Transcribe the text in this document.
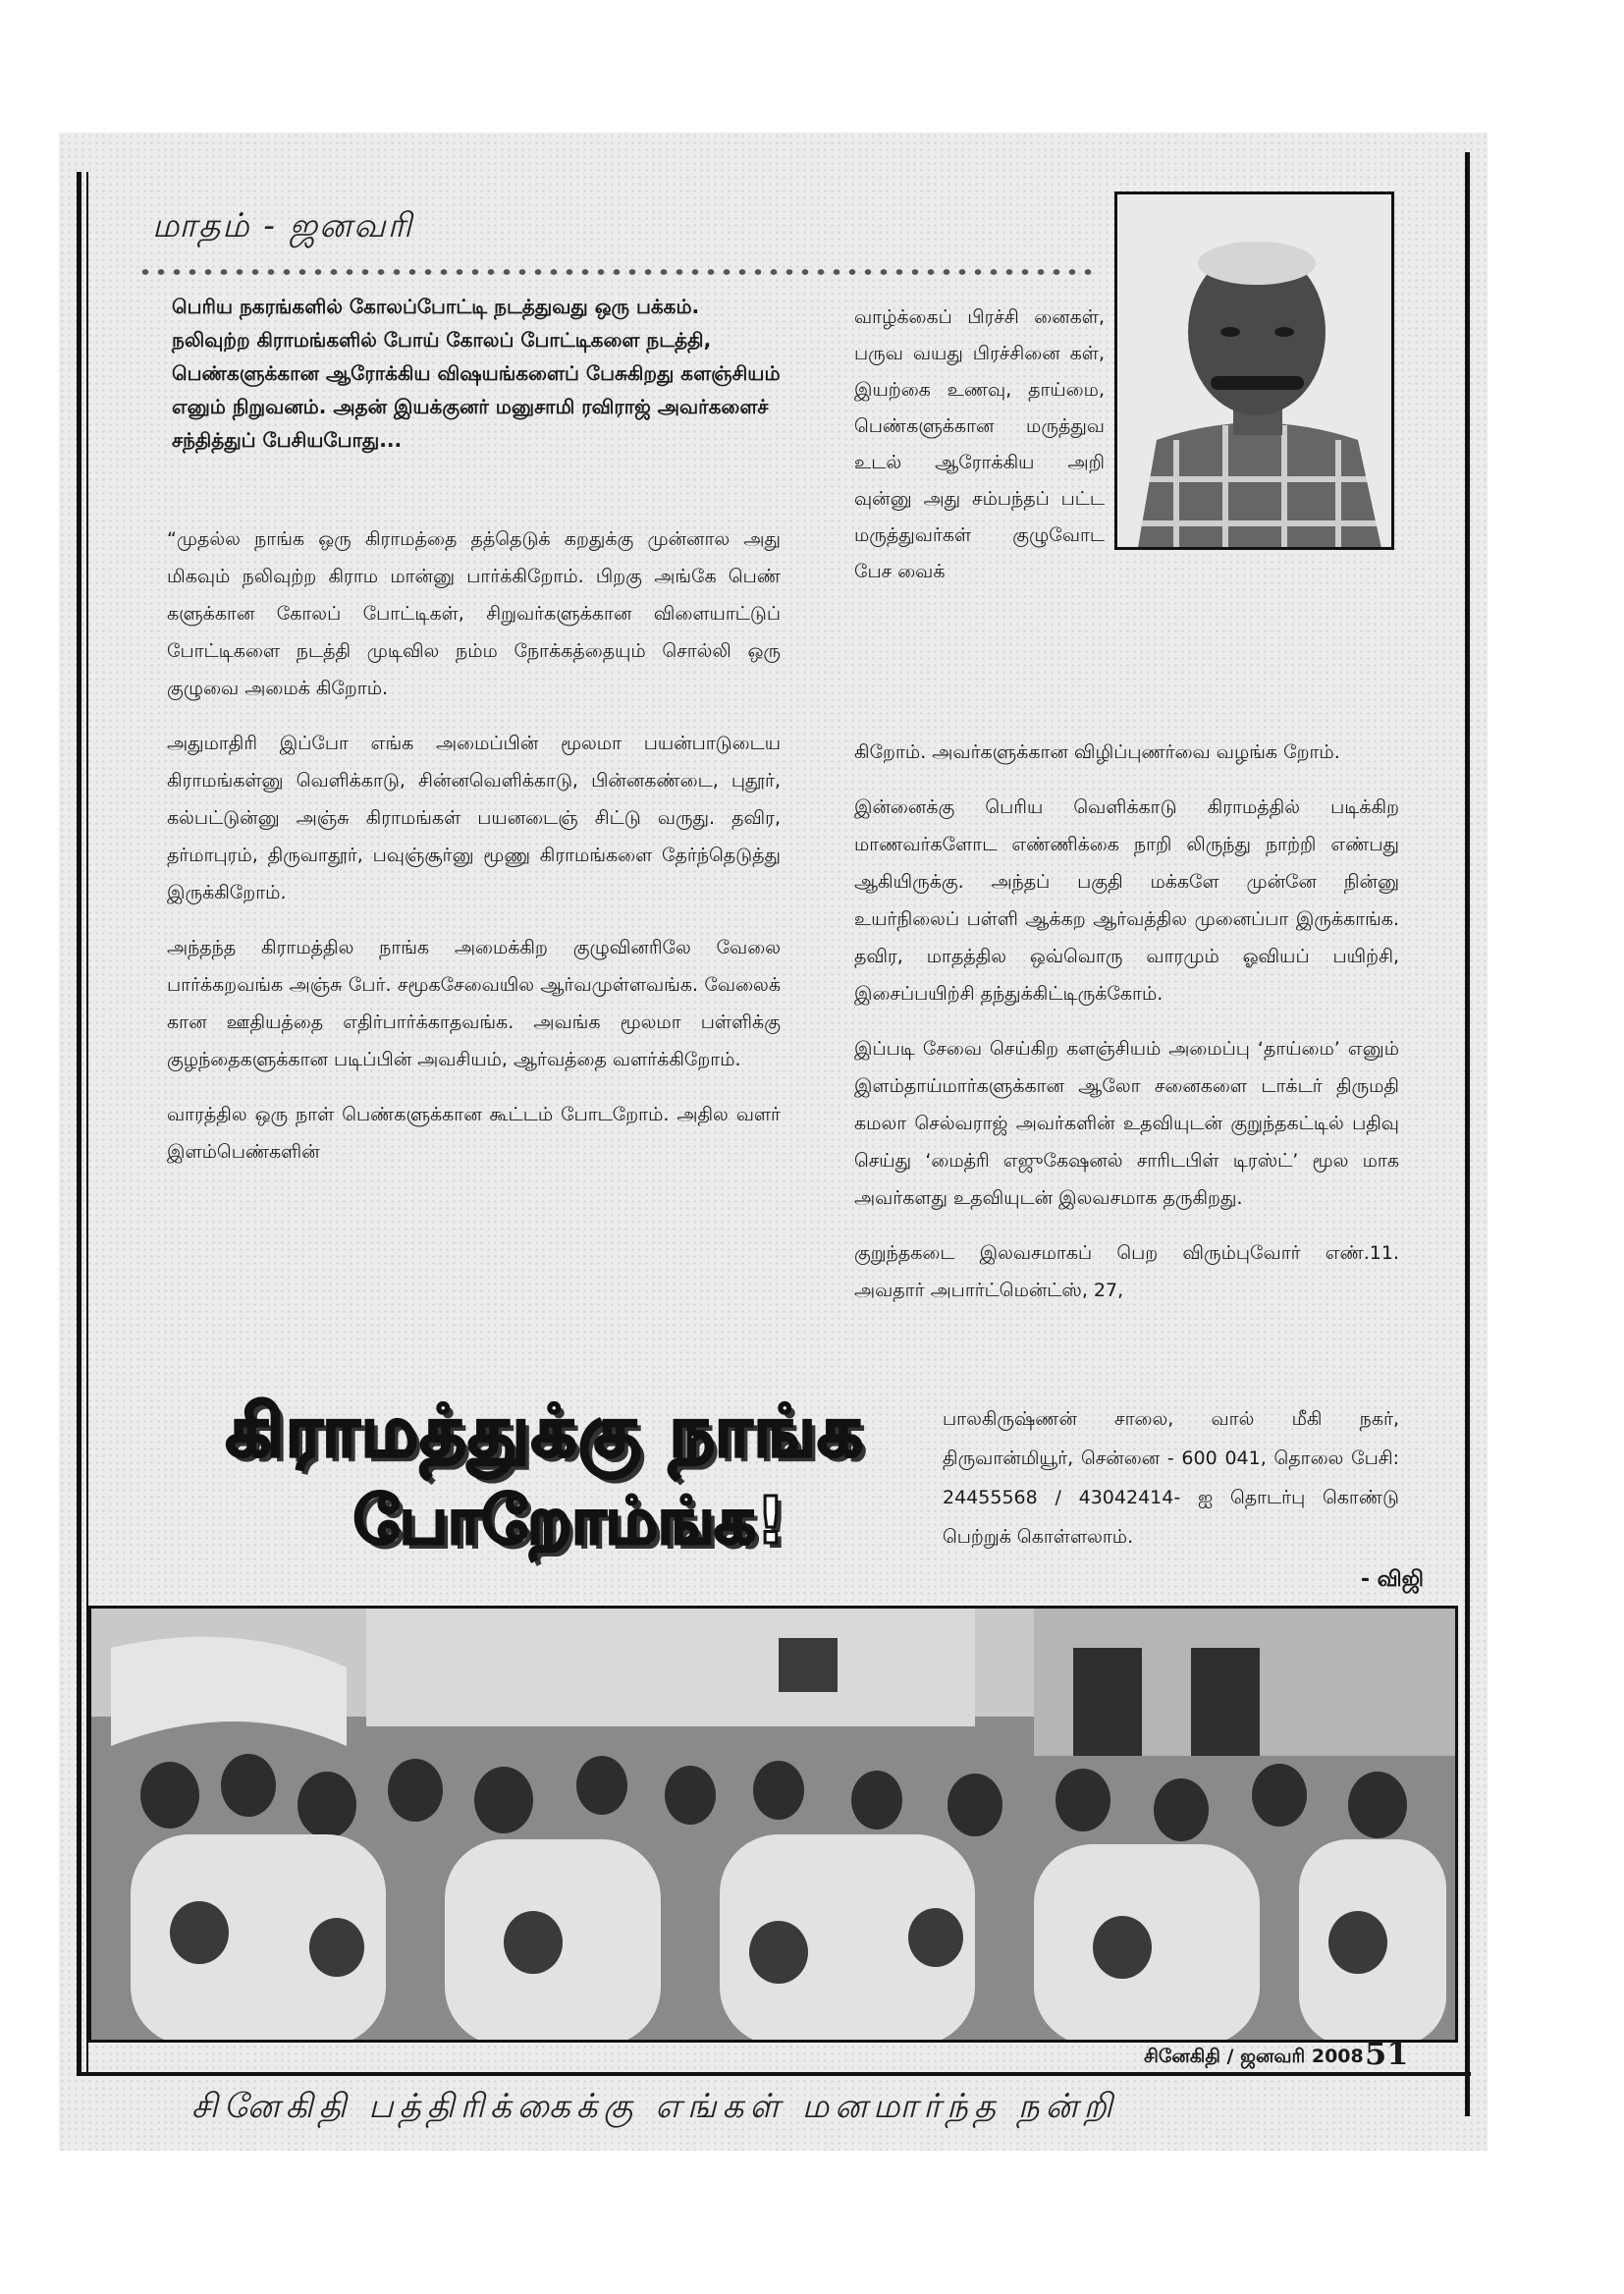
மாதம் - ஜனவரி
பெரிய நகரங்களில் கோலப்போட்டி நடத்துவது ஒரு பக்கம். நலிவுற்ற கிராமங்களில் போய் கோலப் போட்டிகளை நடத்தி, பெண்களுக்கான ஆரோக்கிய விஷயங்களைப் பேசுகிறது களஞ்சியம் எனும் நிறுவனம். அதன் இயக்குனர் மனுசாமி ரவிராஜ் அவர்களைச் சந்தித்துப் பேசியபோது...

“முதல்ல நாங்க ஒரு கிராமத்தை தத்தெடுக் கறதுக்கு முன்னால அது மிகவும் நலிவுற்ற கிராம மான்னு பார்க்கிறோம். பிறகு அங்கே பெண் களுக்கான கோலப் போட்டிகள், சிறுவர்களுக்கான விளையாட்டுப் போட்டிகளை நடத்தி முடிவில நம்ம நோக்கத்தையும் சொல்லி ஒரு குழுவை அமைக் கிறோம்.

அதுமாதிரி இப்போ எங்க அமைப்பின் மூலமா பயன்பாடுடைய கிராமங்கள்னு வெளிக்காடு, சின்னவெளிக்காடு, பின்னகண்டை, புதூர், கல்பட்டுன்னு அஞ்சு கிராமங்கள் பயனடைஞ் சிட்டு வருது. தவிர, தர்மாபுரம், திருவாதூர், பவுஞ்சூர்னு மூணு கிராமங்களை தேர்ந்தெடுத்து இருக்கிறோம்.

அந்தந்த கிராமத்தில நாங்க அமைக்கிற குழுவினரிலே வேலை பார்க்கறவங்க அஞ்சு பேர். சமூகசேவையில ஆர்வமுள்ளவங்க. வேலைக் கான ஊதியத்தை எதிர்பார்க்காதவங்க. அவங்க மூலமா பள்ளிக்கு குழந்தைகளுக்கான படிப்பின் அவசியம், ஆர்வத்தை வளர்க்கிறோம்.

வாரத்தில ஒரு நாள் பெண்களுக்கான கூட்டம் போடறோம். அதில வளர் இளம்பெண்களின்

வாழ்க்கைப் பிரச்சி னைகள், பருவ வயது பிரச்சினை கள், இயற்கை உணவு, தாய்மை, பெண்களுக்கான மருத்துவ உடல் ஆரோக்கிய அறி வுன்னு அது சம்பந்தப் பட்ட மருத்துவர்கள் குழுவோட பேச வைக்

கிறோம். அவர்களுக்கான விழிப்புணர்வை வழங்க றோம்.

இன்னைக்கு பெரிய வெளிக்காடு கிராமத்தில் படிக்கிற மாணவர்களோட எண்ணிக்கை நாறி லிருந்து நாற்றி எண்பது ஆகியிருக்கு. அந்தப் பகுதி மக்களே முன்னே நின்னு உயர்நிலைப் பள்ளி ஆக்கற ஆர்வத்தில முனைப்பா இருக்காங்க. தவிர, மாதத்தில ஒவ்வொரு வாரமும் ஓவியப் பயிற்சி, இசைப்பயிற்சி தந்துக்கிட்டிருக்கோம்.

இப்படி சேவை செய்கிற களஞ்சியம் அமைப்பு ‘தாய்மை’ எனும் இளம்தாய்மார்களுக்கான ஆலோ சனைகளை டாக்டர் திருமதி கமலா செல்வராஜ் அவர்களின் உதவியுடன் குறுந்தகட்டில் பதிவு செய்து ‘மைத்ரி எஜுகேஷனல் சாரிடபிள் டிரஸ்ட்’ மூல மாக அவர்களது உதவியுடன் இலவசமாக தருகிறது.

குறுந்தகடை இலவசமாகப் பெற விரும்புவோர் எண்.11. அவதார் அபார்ட்மென்ட்ஸ், 27,

கிராமத்துக்கு நாங்க
போறோம்ங்க!
பாலகிருஷ்ணன் சாலை, வால் மீகி நகர், திருவான்மியூர், சென்னை - 600 041, தொலை பேசி: 24455568 / 43042414- ஐ தொடர்பு கொண்டு பெற்றுக் கொள்ளலாம்.
- விஜி
சினேகிதி / ஜனவரி 2008 51
சினேகிதி பத்திரிக்கைக்கு எங்கள் மனமார்ந்த நன்றி
